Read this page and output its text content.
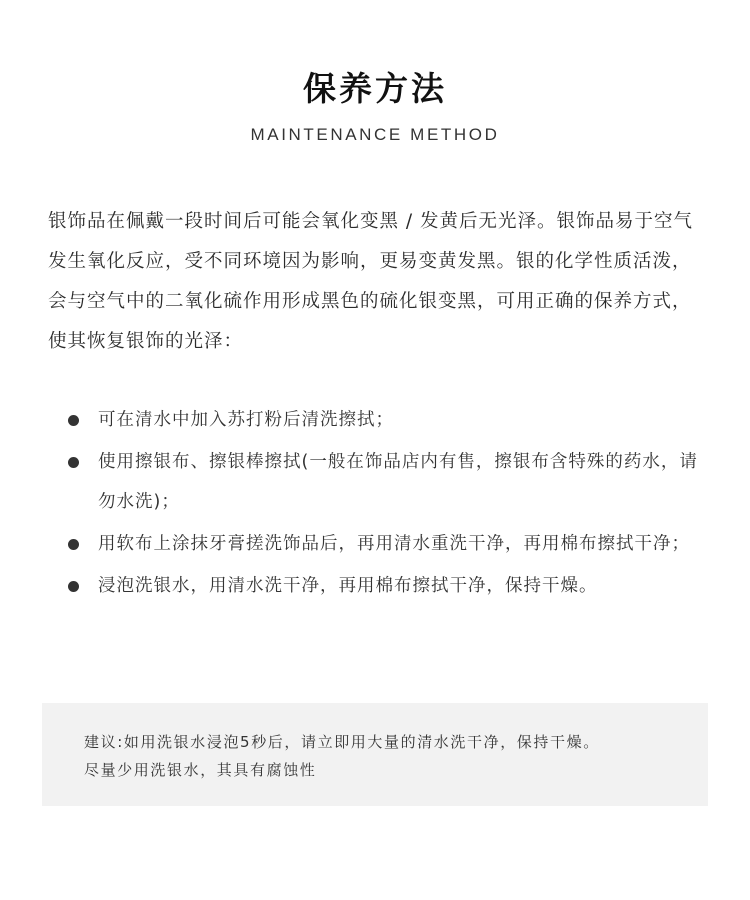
保养方法
MAINTENANCE METHOD

银饰品在佩戴一段时间后可能会氧化变黑 / 发黄后无光泽。银饰品易于空气发生氧化反应，受不同环境因为影响，更易变黄发黑。银的化学性质活泼，会与空气中的二氧化硫作用形成黑色的硫化银变黑，可用正确的保养方式，使其恢复银饰的光泽：

可在清水中加入苏打粉后清洗擦拭；
使用擦银布、擦银棒擦拭(一般在饰品店内有售，擦银布含特殊的药水，请勿水洗)；
用软布上涂抹牙膏搓洗饰品后，再用清水重洗干净，再用棉布擦拭干净；
浸泡洗银水，用清水洗干净，再用棉布擦拭干净，保持干燥。
建议:如用洗银水浸泡5秒后，请立即用大量的清水洗干净，保持干燥。
尽量少用洗银水，其具有腐蚀性
